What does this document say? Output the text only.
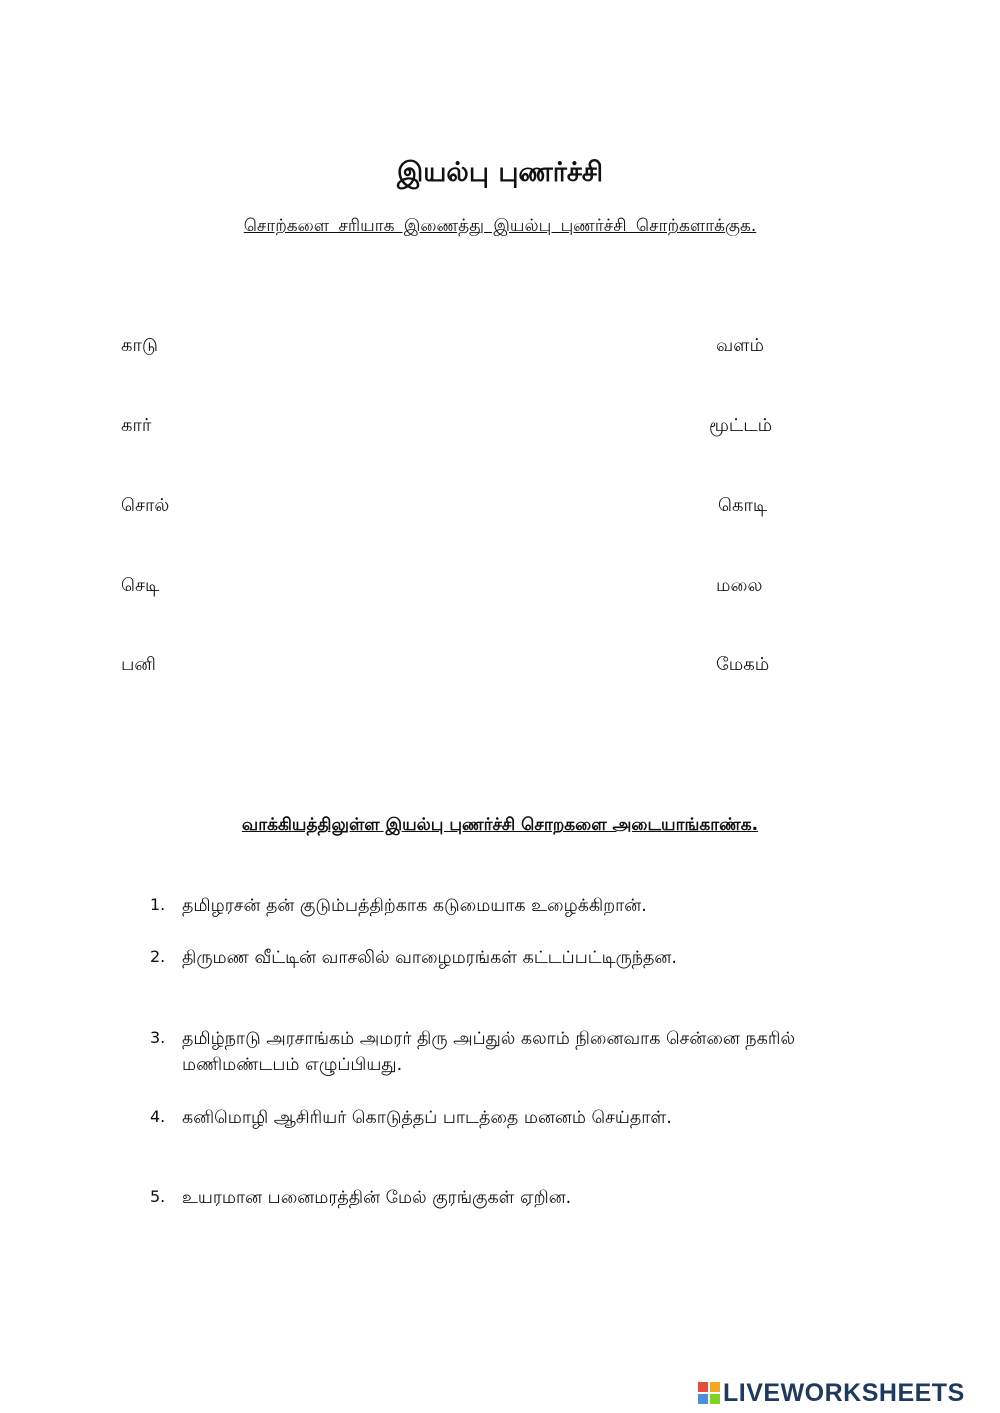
இயல்பு புணர்ச்சி
சொற்களை சரியாக இணைத்து இயல்பு புணர்ச்சி சொற்களாக்குக.
காடு
கார்
சொல்
செடி
பனி
வளம்
மூட்டம்
கொடி
மலை
மேகம்
வாக்கியத்திலுள்ள இயல்பு புணர்ச்சி சொறகளை அடையாங்காண்க.
1. தமிழரசன் தன் குடும்பத்திற்காக கடுமையாக உழைக்கிறான்.
2. திருமண வீட்டின் வாசலில் வாழைமரங்கள் கட்டப்பட்டிருந்தன.
3. தமிழ்நாடு அரசாங்கம் அமரர் திரு அப்துல் கலாம் நினைவாக சென்னை நகரில் மணிமண்டபம் எழுப்பியது.
4. கனிமொழி ஆசிரியர் கொடுத்தப் பாடத்தை மனனம் செய்தாள்.
5. உயரமான பனைமரத்தின் மேல் குரங்குகள் ஏறின.
LIVEWORKSHEETS
